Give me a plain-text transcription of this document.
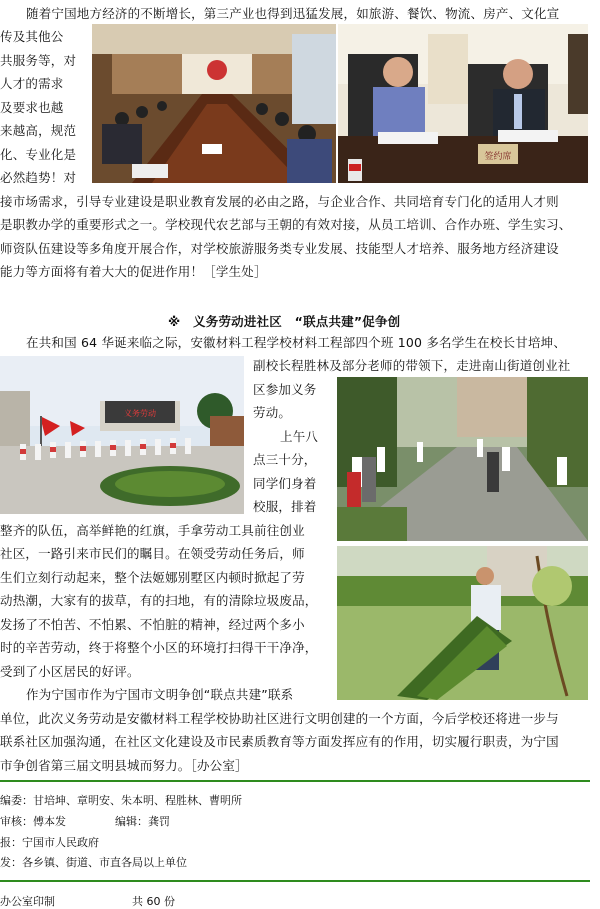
随着宁国地方经济的不断增长，第三产业也得到迅猛发展，如旅游、餐饮、物流、房产、文化宣
传及其他公
共服务等，对
人才的需求
及要求也越
来越高，规范
化、专业化是
必然趋势！对
接市场需求，引导专业建设是职业教育发展的必由之路，与企业合作、共同培育专门化的适用人才则
是职教办学的重要形式之一。学校现代农艺部与王朝的有效对接，从员工培训、合作办班、学生实习、
师资队伍建设等多角度开展合作，对学校旅游服务类专业发展、技能型人才培养、服务地方经济建设
能力等方面将有着大大的促进作用！［学生处］
签约席
※　义务劳动进社区　“联点共建”促争创
在共和国 64 华诞来临之际，安徽材料工程学校材料工程部四个班 100 多名学生在校长甘培坤、
副校长程胜林及部分老师的带领下，走进南山街道创业社
区参加义务
劳动。
上午八
点三十分，
同学们身着
校服，排着
整齐的队伍，高举鲜艳的红旗，手拿劳动工具前往创业
社区，一路引来市民们的瞩目。在领受劳动任务后，师
生们立刻行动起来，整个法姬娜别墅区内顿时掀起了劳
动热潮，大家有的拔草，有的扫地，有的清除垃圾废品，
发扬了不怕苦、不怕累、不怕脏的精神，经过两个多小
时的辛苦劳动，终于将整个小区的环境打扫得干干净净，
受到了小区居民的好评。
作为宁国市作为宁国市文明争创“联点共建”联系
单位，此次义务劳动是安徽材料工程学校协助社区进行文明创建的一个方面，今后学校还将进一步与
联系社区加强沟通，在社区文化建设及市民素质教育等方面发挥应有的作用，切实履行职责，为宁国
市争创省第三届文明县城而努力。［办公室］
义务劳动
编委：甘培坤、章明安、朱本明、程胜林、曹明所
审核：傅本发	编辑：龚罚
报：宁国市人民政府
发：各乡镇、街道、市直各局以上单位
办公室印制	共 60 份
